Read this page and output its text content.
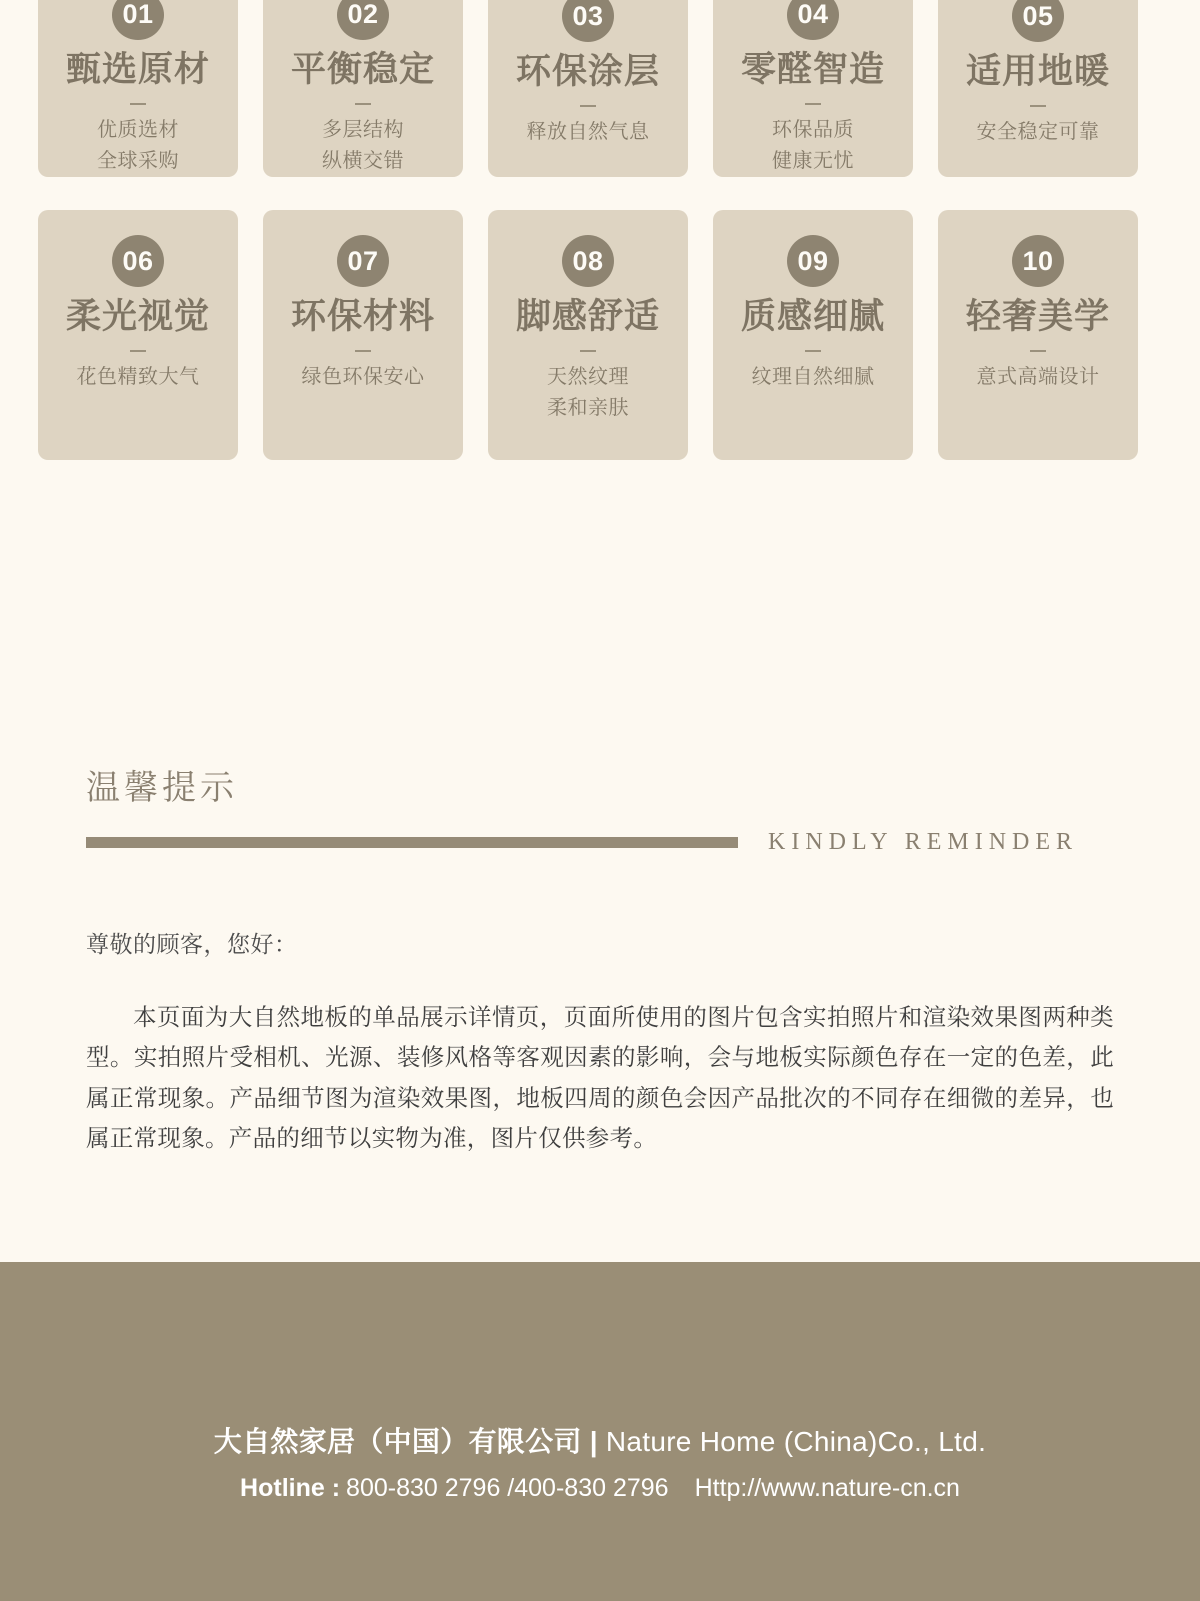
01
甄选原材
优质选材
全球采购
02
平衡稳定
多层结构
纵横交错
03
环保涂层
释放自然气息
04
零醛智造
环保品质
健康无忧
05
适用地暖
安全稳定可靠
06
柔光视觉
花色精致大气
07
环保材料
绿色环保安心
08
脚感舒适
天然纹理
柔和亲肤
09
质感细腻
纹理自然细腻
10
轻奢美学
意式高端设计
温馨提示
KINDLY REMINDER

尊敬的顾客，您好：

本页面为大自然地板的单品展示详情页，页面所使用的图片包含实拍照片和渲染效果图两种类型。实拍照片受相机、光源、装修风格等客观因素的影响，会与地板实际颜色存在一定的色差，此属正常现象。产品细节图为渲染效果图，地板四周的颜色会因产品批次的不同存在细微的差异，也属正常现象。产品的细节以实物为准，图片仅供参考。

大自然家居（中国）有限公司 | Nature Home (China)Co., Ltd.
Hotline : 800-830 2796 /400-830 2796 Http://www.nature-cn.cn
